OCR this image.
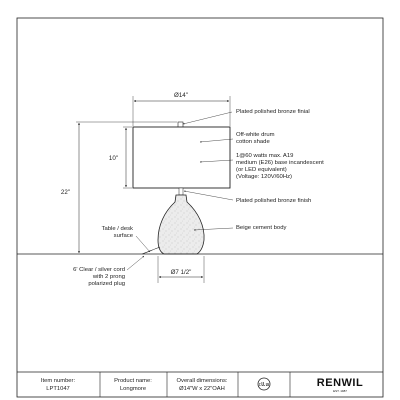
Ø14"
10"
22"
Ø7 1/2"
Plated polished bronze finial
Off-white drum
cotton shade
1@60 watts max. A19
medium (E26) base incandescent
(or LED equivalent)
(Voltage: 120V/60Hz)
Plated polished bronze finish
Beige cement body
Table / desk
surface
6' Clear / silver cord
with 2 prong
polarized plug
Item number:
LPT1047
Product name:
Longmore
Overall dimensions:
Ø14"W x 22"OAH
c UL us	RENWIL
EST. 1987
